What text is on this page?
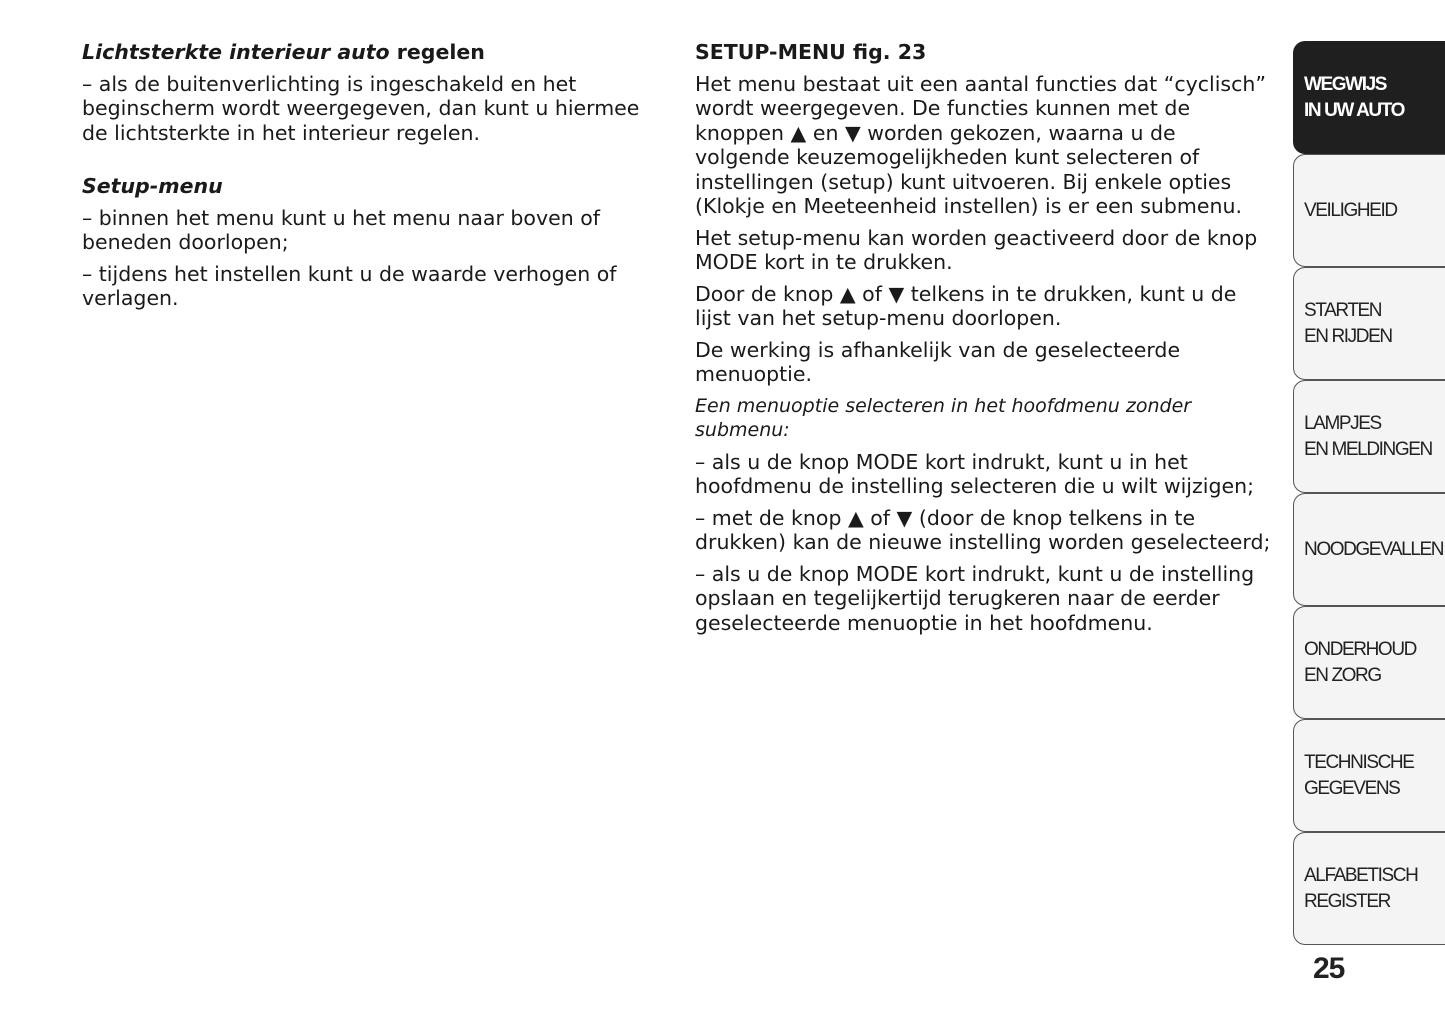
Lichtsterkte interieur auto regelen

– als de buitenverlichting is ingeschakeld en het beginscherm wordt weergegeven, dan kunt u hiermee de lichtsterkte in het interieur regelen.

Setup-menu

– binnen het menu kunt u het menu naar boven of beneden doorlopen;

– tijdens het instellen kunt u de waarde verhogen of verlagen.

SETUP-MENU fig. 23

Het menu bestaat uit een aantal functies dat “cyclisch” wordt weergegeven. De functies kunnen met de knoppen ▲ en ▼ worden gekozen, waarna u de volgende keuzemogelijkheden kunt selecteren of instellingen (setup) kunt uitvoeren. Bij enkele opties (Klokje en Meeteenheid instellen) is er een submenu.

Het setup-menu kan worden geactiveerd door de knop MODE kort in te drukken.

Door de knop ▲ of ▼ telkens in te drukken, kunt u de lijst van het setup-menu doorlopen.

De werking is afhankelijk van de geselecteerde menuoptie.

Een menuoptie selecteren in het hoofdmenu zonder submenu:

– als u de knop MODE kort indrukt, kunt u in het hoofdmenu de instelling selecteren die u wilt wijzigen;

– met de knop ▲ of ▼ (door de knop telkens in te drukken) kan de nieuwe instelling worden geselecteerd;

– als u de knop MODE kort indrukt, kunt u de instelling opslaan en tegelijkertijd terugkeren naar de eerder geselecteerde menuoptie in het hoofdmenu.

WEGWIJS
IN UW AUTO
VEILIGHEID
STARTEN
EN RIJDEN
LAMPJES
EN MELDINGEN
NOODGEVALLEN
ONDERHOUD
EN ZORG
TECHNISCHE
GEGEVENS
ALFABETISCH
REGISTER
25
